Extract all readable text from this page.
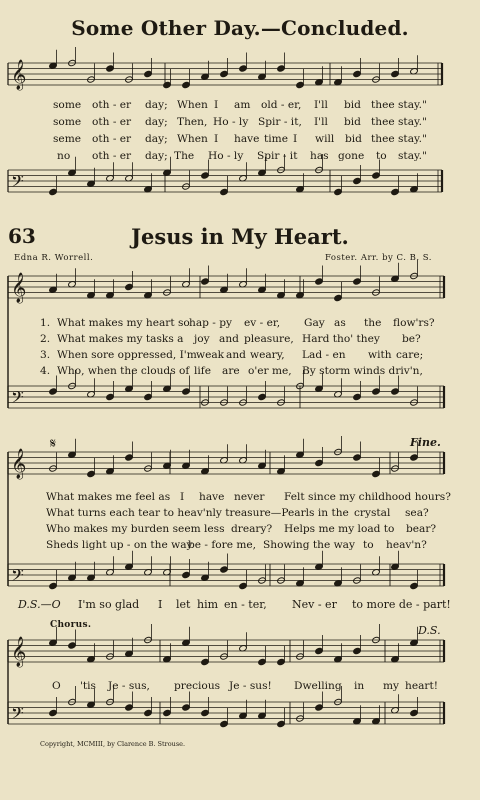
Some Other Day.—Concluded.
63	Jesus in My Heart.
Edna R. Worrell.	Foster. Arr. by C. B. S.
𝄞
𝄢
𝄞
𝄢
𝄞
𝄢
𝄞
𝄢

some

oth - er

day;

When

I

am

old - er,

I'll

bid

thee

stay."

some

oth - er

day;

Then,

Ho - ly

Spir - it,

I'll

bid

thee

stay."

seme

oth - er

day;

When

I

have

time

I

will

bid

thee

stay."

no

oth - er

day;

The

Ho - ly

Spir - it

has

gone

to

stay."

1.

What makes my heart so

hap - py

ev - er,

Gay

as

the

flow'rs?

2.

What makes my tasks a

joy

and

pleasure,

Hard tho' they

be?

3.

When sore oppressed, I'm

weak

and

weary,

Lad - en

with

care;

4.

Who, when the clouds of

life

are

o'er me,

By storm winds driv'n,

𝄋	Fine.

What makes me feel as

I

have

never

Felt since my childhood hours?

What turns each tear to heav'nly treasure—Pearls in the

crystal

sea?

Who makes my burden seem less

dreary?

Helps me my load to

bear?

Sheds light up - on the way

be - fore me,

Showing the way

to

heav'n?

D.S.—O

I'm so glad

I

let

him

en - ter,

Nev - er

to more de - part!

Chorus.	D.S.

O

'tis

Je - sus,

precious

Je - sus!

Dwelling

in

my

heart!

Copyright, MCMIII, by Clarence B. Strouse.
